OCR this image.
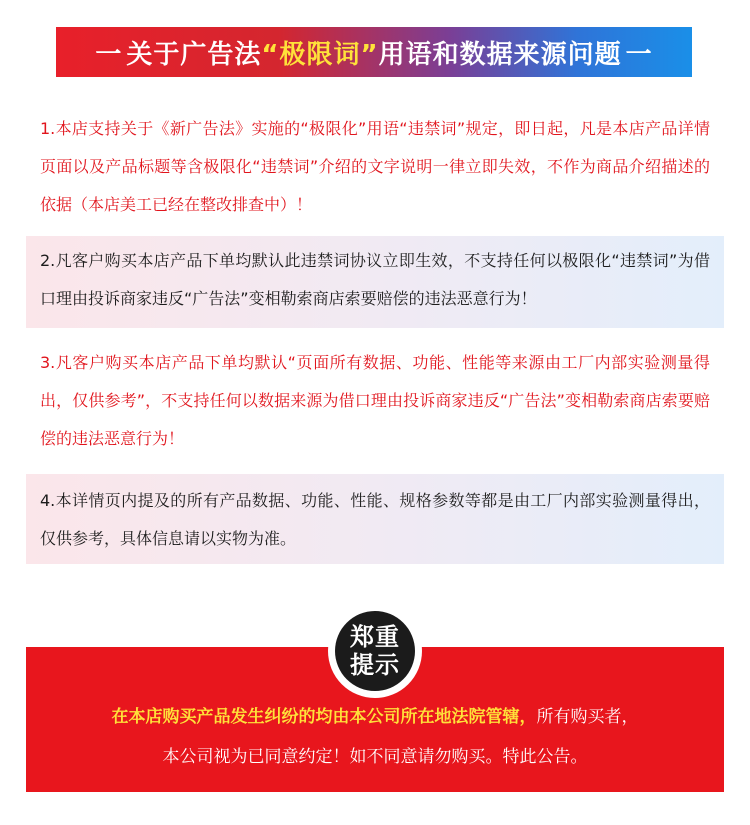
一 关于广告法 “极限词” 用语和数据来源问题 一
1.本店支持关于《新广告法》实施的“极限化”用语“违禁词”规定，即日起，凡是本店产品详情页面以及产品标题等含极限化“违禁词”介绍的文字说明一律立即失效，不作为商品介绍描述的依据（本店美工已经在整改排查中）！
2.凡客户购买本店产品下单均默认此违禁词协议立即生效，不支持任何以极限化“违禁词”为借口理由投诉商家违反“广告法”变相勒索商店索要赔偿的违法恶意行为！
3.凡客户购买本店产品下单均默认“页面所有数据、功能、性能等来源由工厂内部实验测量得出，仅供参考”，不支持任何以数据来源为借口理由投诉商家违反“广告法”变相勒索商店索要赔偿的违法恶意行为！
4.本详情页内提及的所有产品数据、功能、性能、规格参数等都是由工厂内部实验测量得出，仅供参考，具体信息请以实物为准。
在本店购买产品发生纠纷的均由本公司所在地法院管辖，所有购买者，
本公司视为已同意约定！如不同意请勿购买。特此公告。
郑重
提示
